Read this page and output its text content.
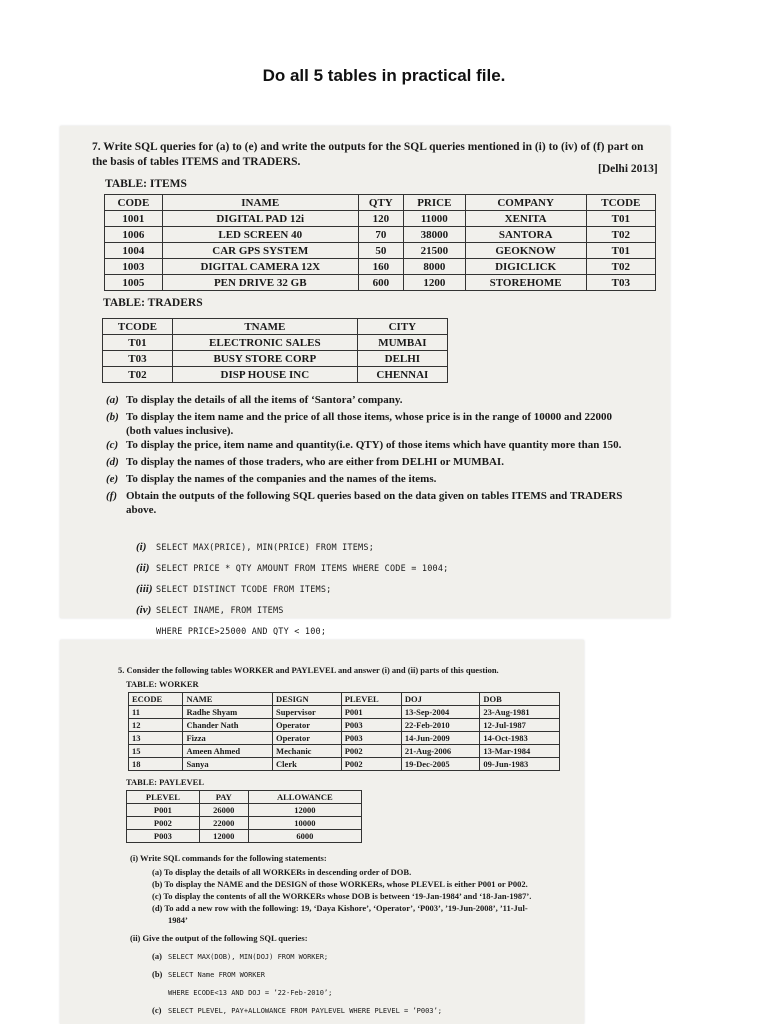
Do all 5 tables in practical file.
7. Write SQL queries for (a) to (e) and write the outputs for the SQL queries mentioned in (i) to (iv) of (f) part on
the basis of tables ITEMS and TRADERS.
[Delhi 2013]
TABLE: ITEMS
CODE	INAME	QTY	PRICE	COMPANY	TCODE
1001	DIGITAL PAD 12i	120	11000	XENITA	T01
1006	LED SCREEN 40	70	38000	SANTORA	T02
1004	CAR GPS SYSTEM	50	21500	GEOKNOW	T01
1003	DIGITAL CAMERA 12X	160	8000	DIGICLICK	T02
1005	PEN DRIVE 32 GB	600	1200	STOREHOME	T03
TABLE: TRADERS
TCODE	TNAME	CITY
T01	ELECTRONIC SALES	MUMBAI
T03	BUSY STORE CORP	DELHI
T02	DISP HOUSE INC	CHENNAI
(a) To display the details of all the items of ‘Santora’ company.
(b) To display the item name and the price of all those items, whose price is in the range of 10000 and 22000
(both values inclusive).
(c) To display the price, item name and quantity(i.e. QTY) of those items which have quantity more than 150.
(d) To display the names of those traders, who are either from DELHI or MUMBAI.
(e) To display the names of the companies and the names of the items.
(f) Obtain the outputs of the following SQL queries based on the data given on tables ITEMS and TRADERS
above.
(i) SELECT MAX(PRICE), MIN(PRICE) FROM ITEMS;
(ii) SELECT PRICE * QTY AMOUNT FROM ITEMS WHERE CODE = 1004;
(iii) SELECT DISTINCT TCODE FROM ITEMS;
(iv) SELECT INAME, FROM ITEMS
WHERE PRICE>25000 AND QTY < 100;
5. Consider the following tables WORKER and PAYLEVEL and answer (i) and (ii) parts of this question.
TABLE: WORKER
ECODE	NAME	DESIGN	PLEVEL	DOJ	DOB
11	Radhe Shyam	Supervisor	P001	13-Sep-2004	23-Aug-1981
12	Chander Nath	Operator	P003	22-Feb-2010	12-Jul-1987
13	Fizza	Operator	P003	14-Jun-2009	14-Oct-1983
15	Ameen Ahmed	Mechanic	P002	21-Aug-2006	13-Mar-1984
18	Sanya	Clerk	P002	19-Dec-2005	09-Jun-1983
TABLE: PAYLEVEL
PLEVEL	PAY	ALLOWANCE
P001	26000	12000
P002	22000	10000
P003	12000	6000
(i) Write SQL commands for the following statements:
(a) To display the details of all WORKERs in descending order of DOB.
(b) To display the NAME and the DESIGN of those WORKERs, whose PLEVEL is either P001 or P002.
(c) To display the contents of all the WORKERs whose DOB is between ‘19-Jan-1984’ and ‘18-Jan-1987’.
(d) To add a new row with the following: 19, ‘Daya Kishore’, ‘Operator’, ‘P003’, ’19-Jun-2008’, ’11-Jul-
1984’
(ii) Give the output of the following SQL queries:
(a) SELECT MAX(DOB), MIN(DOJ) FROM WORKER;
(b) SELECT Name FROM WORKER
WHERE ECODE<13 AND DOJ = ’22-Feb-2010’;
(c) SELECT PLEVEL, PAY+ALLOWANCE FROM PAYLEVEL WHERE PLEVEL = ’P003’;
